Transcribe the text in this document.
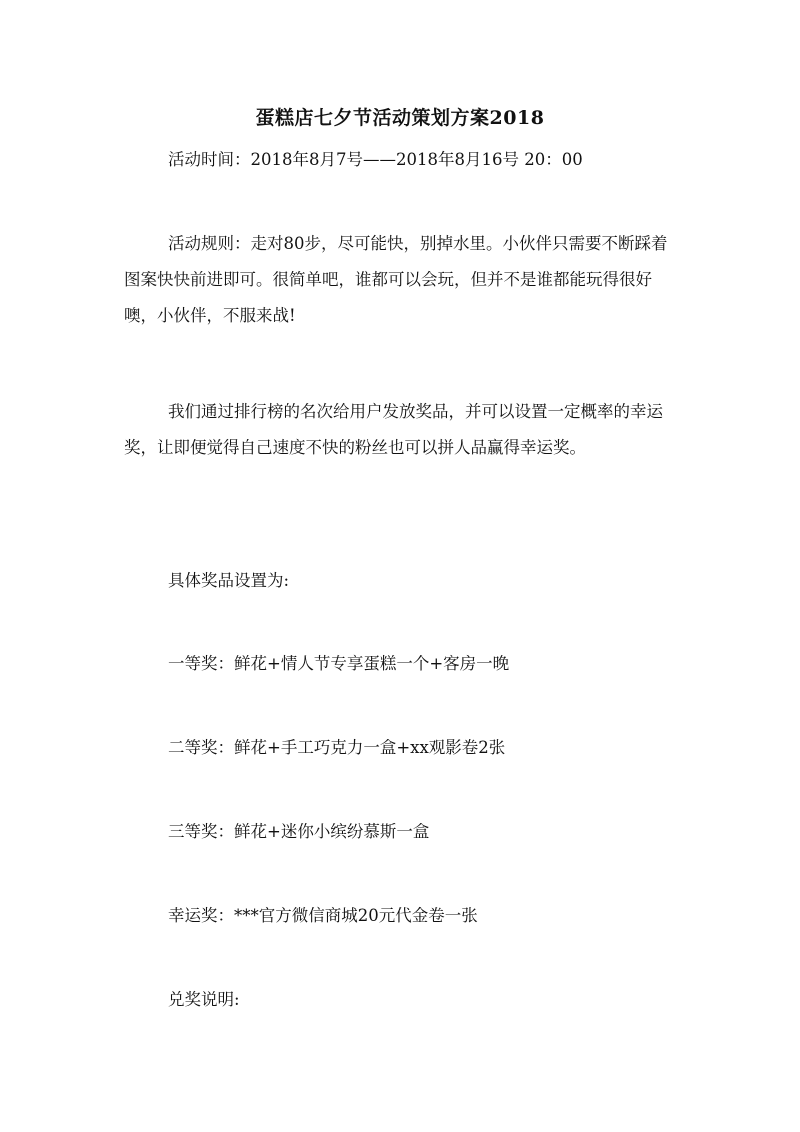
蛋糕店七夕节活动策划方案2018
活动时间：2018年8月7号——2018年8月16号 20：00

活动规则：走对80步，尽可能快，别掉水里。小伙伴只需要不断踩着图案快快前进即可。很简单吧，谁都可以会玩，但并不是谁都能玩得很好噢，小伙伴，不服来战!

我们通过排行榜的名次给用户发放奖品，并可以设置一定概率的幸运奖，让即便觉得自己速度不快的粉丝也可以拼人品赢得幸运奖。

具体奖品设置为:
一等奖：鲜花+情人节专享蛋糕一个+客房一晚
二等奖：鲜花+手工巧克力一盒+xx观影卷2张
三等奖：鲜花+迷你小缤纷慕斯一盒
幸运奖：***官方微信商城20元代金卷一张
兑奖说明:
